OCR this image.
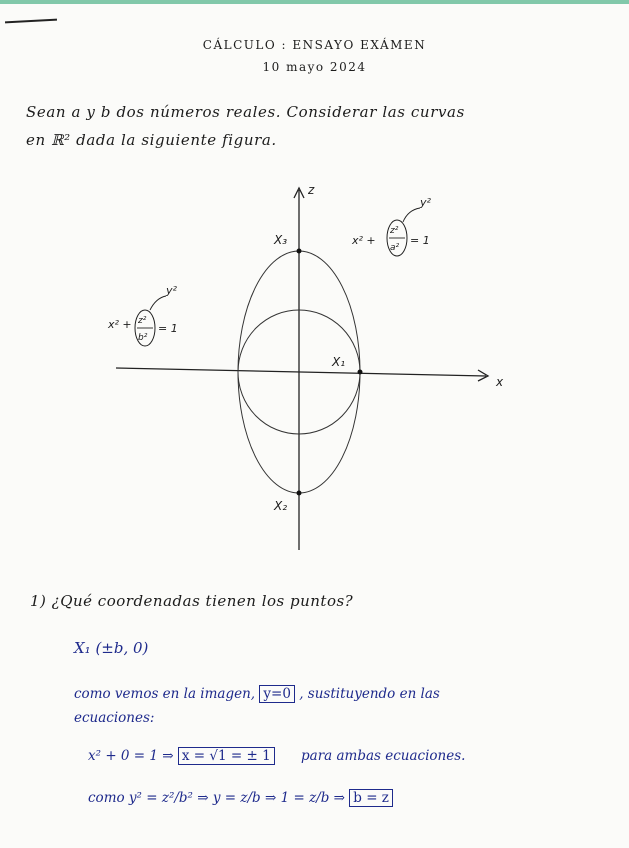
CÁLCULO : ENSAYO EXÁMEN
10 mayo 2024
Sean a y b dos números reales. Considerar las curvas
en ℝ² dada la siguiente figura.
x
z
X₃
X₁
X₂
x² +
z²
a²
= 1
y²
x² + z²
b²
= 1
y²
1) ¿Qué coordenadas tienen los puntos?
X₁ (±b, 0)
como vemos en la imagen, y=0 , sustituyendo en las
ecuaciones:
x² + 0 = 1 ⇒ x = √1 = ± 1 para ambas ecuaciones.
como y² = z²/b² ⇒ y = z/b ⇒ 1 = z/b ⇒ b = z
